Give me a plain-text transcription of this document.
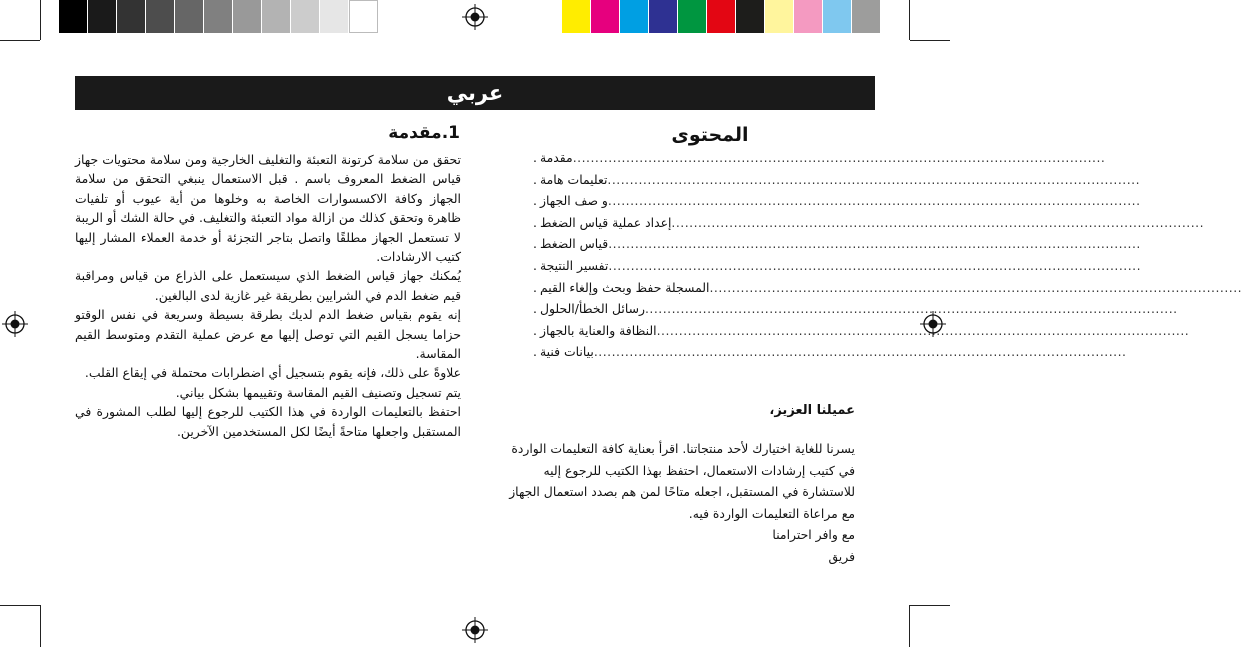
عربي
1.مقدمة

تحقق من سلامة كرتونة التعبئة والتغليف الخارجية ومن سلامة محتويات جهاز قياس الضغط المعروف باسم . قبل الاستعمال ينبغي التحقق من سلامة الجهاز وكافة الاكسسوارات الخاصة به وخلوها من أية عيوب أو تلفيات ظاهرة وتحقق كذلك من ازالة مواد التعبئة والتغليف. في حالة الشك أو الريبة لا تستعمل الجهاز مطلقًا واتصل بتاجر التجزئة أو خدمة العملاء المشار إليها كتيب الارشادات.

يُمكنك جهاز قياس الضغط الذي سيستعمل على الذراع من قياس ومراقبة قيم ضغط الدم في الشرايين بطريقة غير غازية لدى البالغين.

إنه يقوم بقياس ضغط الدم لديك بطرقة بسيطة وسريعة في نفس الوقتو حزاما يسجل القيم التي توصل إليها مع عرض عملية التقدم ومتوسط القيم المقاسة.

علاوةً على ذلك، فإنه يقوم بتسجيل أي اضطرابات محتملة في إيقاع القلب.

يتم تسجيل وتصنيف القيم المقاسة وتقييمها بشكل بياني.

احتفظ بالتعليمات الواردة في هذا الكتيب للرجوع إليها لطلب المشورة في المستقبل واجعلها متاحةً أيضًا لكل المستخدمين الآخرين.

المحتوى
. مقدمة ........................................................................................................................
. تعليمات هامة ........................................................................................................................
. و صف الجهاز ........................................................................................................................
. إعداد عملية قياس الضغط ........................................................................................................................
. قياس الضغط ........................................................................................................................
. تفسير النتيجة ........................................................................................................................
. المسجلة حفظ وبحث وإلغاء القيم ........................................................................................................................
. رسائل الخطأ/الحلول ........................................................................................................................
. النظافة والعناية بالجهاز ........................................................................................................................
. بيانات فنية ........................................................................................................................
عميلنا العزيز،

يسرنا للغاية اختيارك لأحد منتجاتنا. اقرأ بعناية كافة التعليمات الواردة في كتيب إرشادات الاستعمال، احتفظ بهذا الكتيب للرجوع إليه للاستشارة في المستقبل، اجعله متاحًا لمن هم بصدد استعمال الجهاز مع مراعاة التعليمات الواردة فيه.

مع وافر احترامنا

فريق
